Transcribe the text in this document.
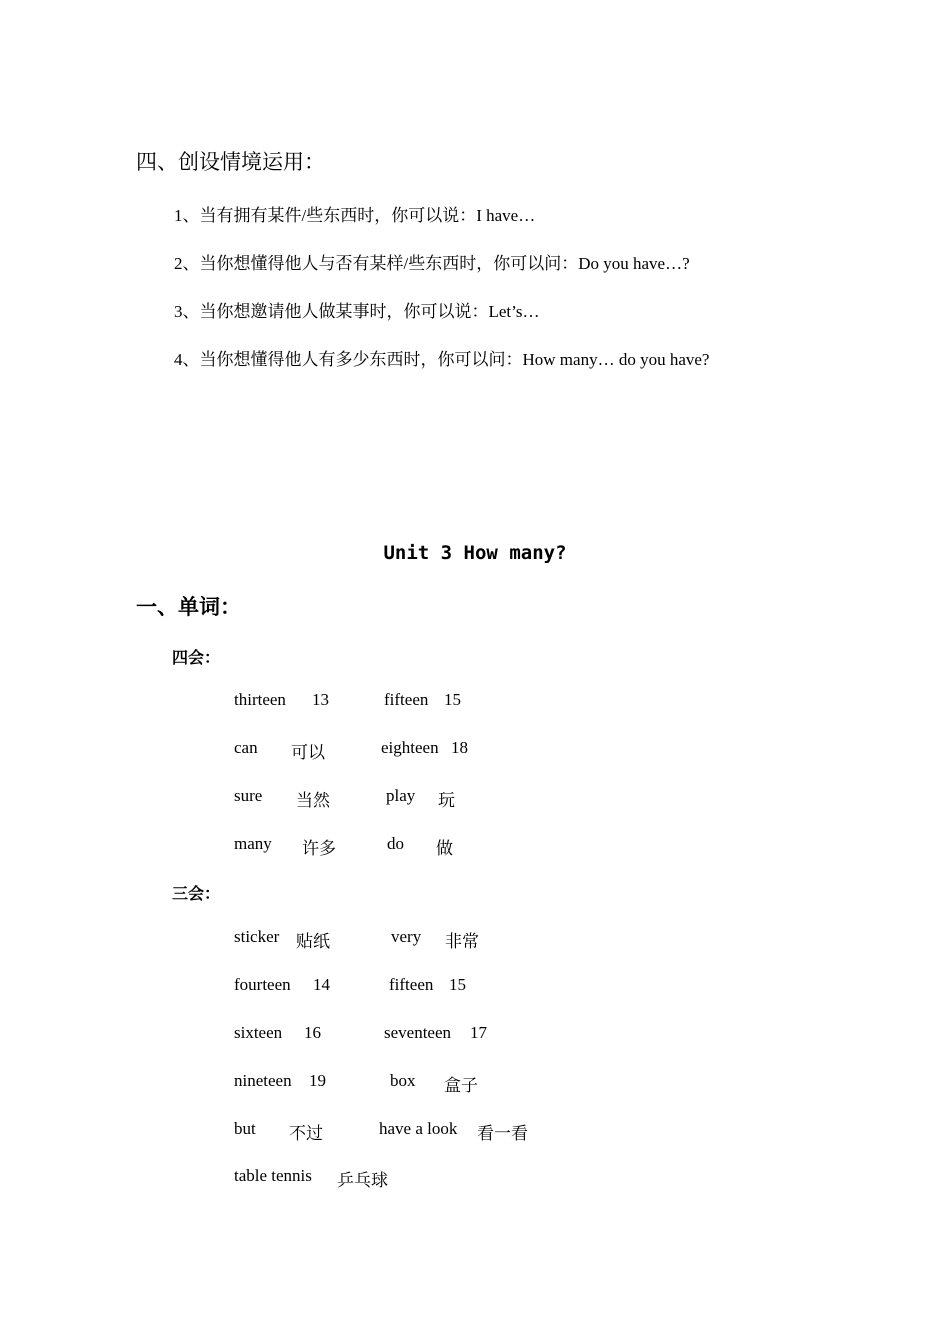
四、创设情境运用：
1、当有拥有某件/些东西时，你可以说：I have…
2、当你想懂得他人与否有某样/些东西时，你可以问：Do you have…?
3、当你想邀请他人做某事时，你可以说：Let’s…
4、当你想懂得他人有多少东西时，你可以问：How many… do you have?
Unit 3 How many?
一、单词：
四会：
thirteen 13	fifteen 15
can 可以	eighteen 18
sure 当然	play 玩
many 许多	do 做
三会：
sticker 贴纸	very 非常
fourteen 14	fifteen 15
sixteen 16	seventeen 17
nineteen 19	box 盒子
but 不过	have a look 看一看
table tennis 乒乓球
